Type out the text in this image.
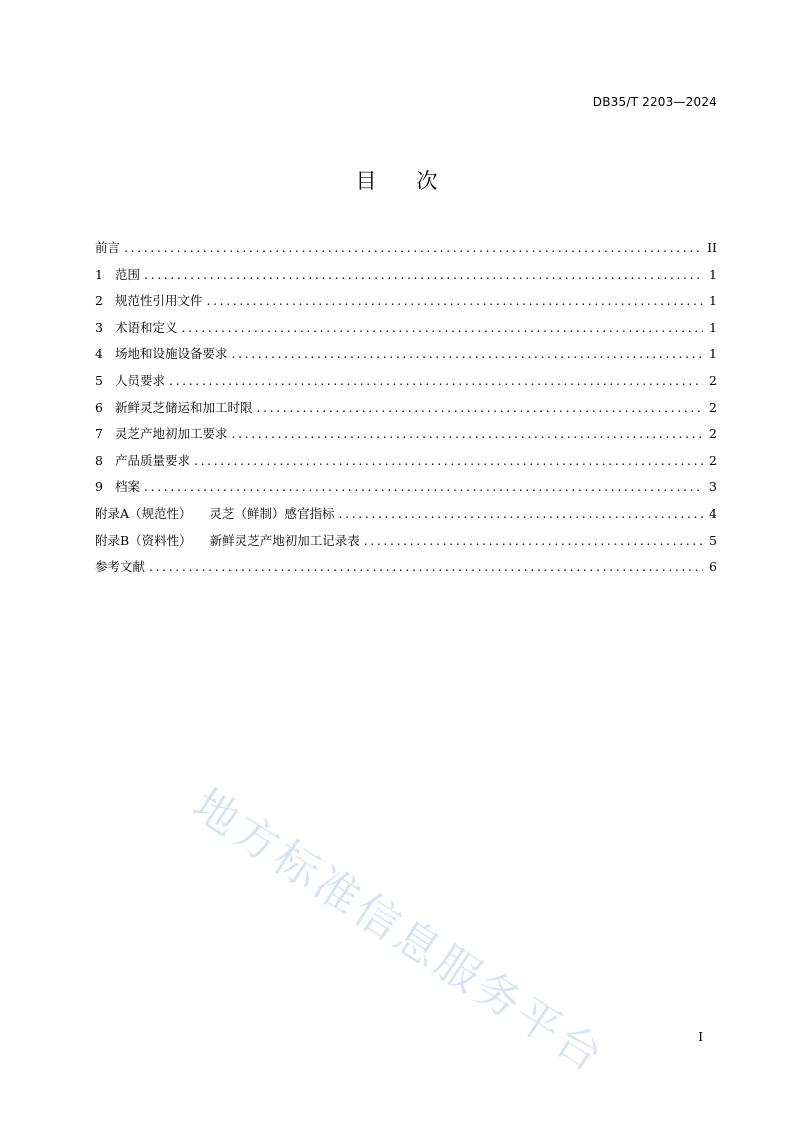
DB35/T 2203—2024
目 次
前言 .....	II
1 范围 .....	1
2 规范性引用文件 .....	1
3 术语和定义 .....	1
4 场地和设施设备要求 .....	1
5 人员要求 .....	2
6 新鲜灵芝储运和加工时限 .....	2
7 灵芝产地初加工要求 .....	2
8 产品质量要求 .....	2
9 档案 .....	3
附录A（规范性） 灵芝（鲜制）感官指标 .....	4
附录B（资料性） 新鲜灵芝产地初加工记录表 .....	5
参考文献 .....	6
地方标准信息服务平台	I
